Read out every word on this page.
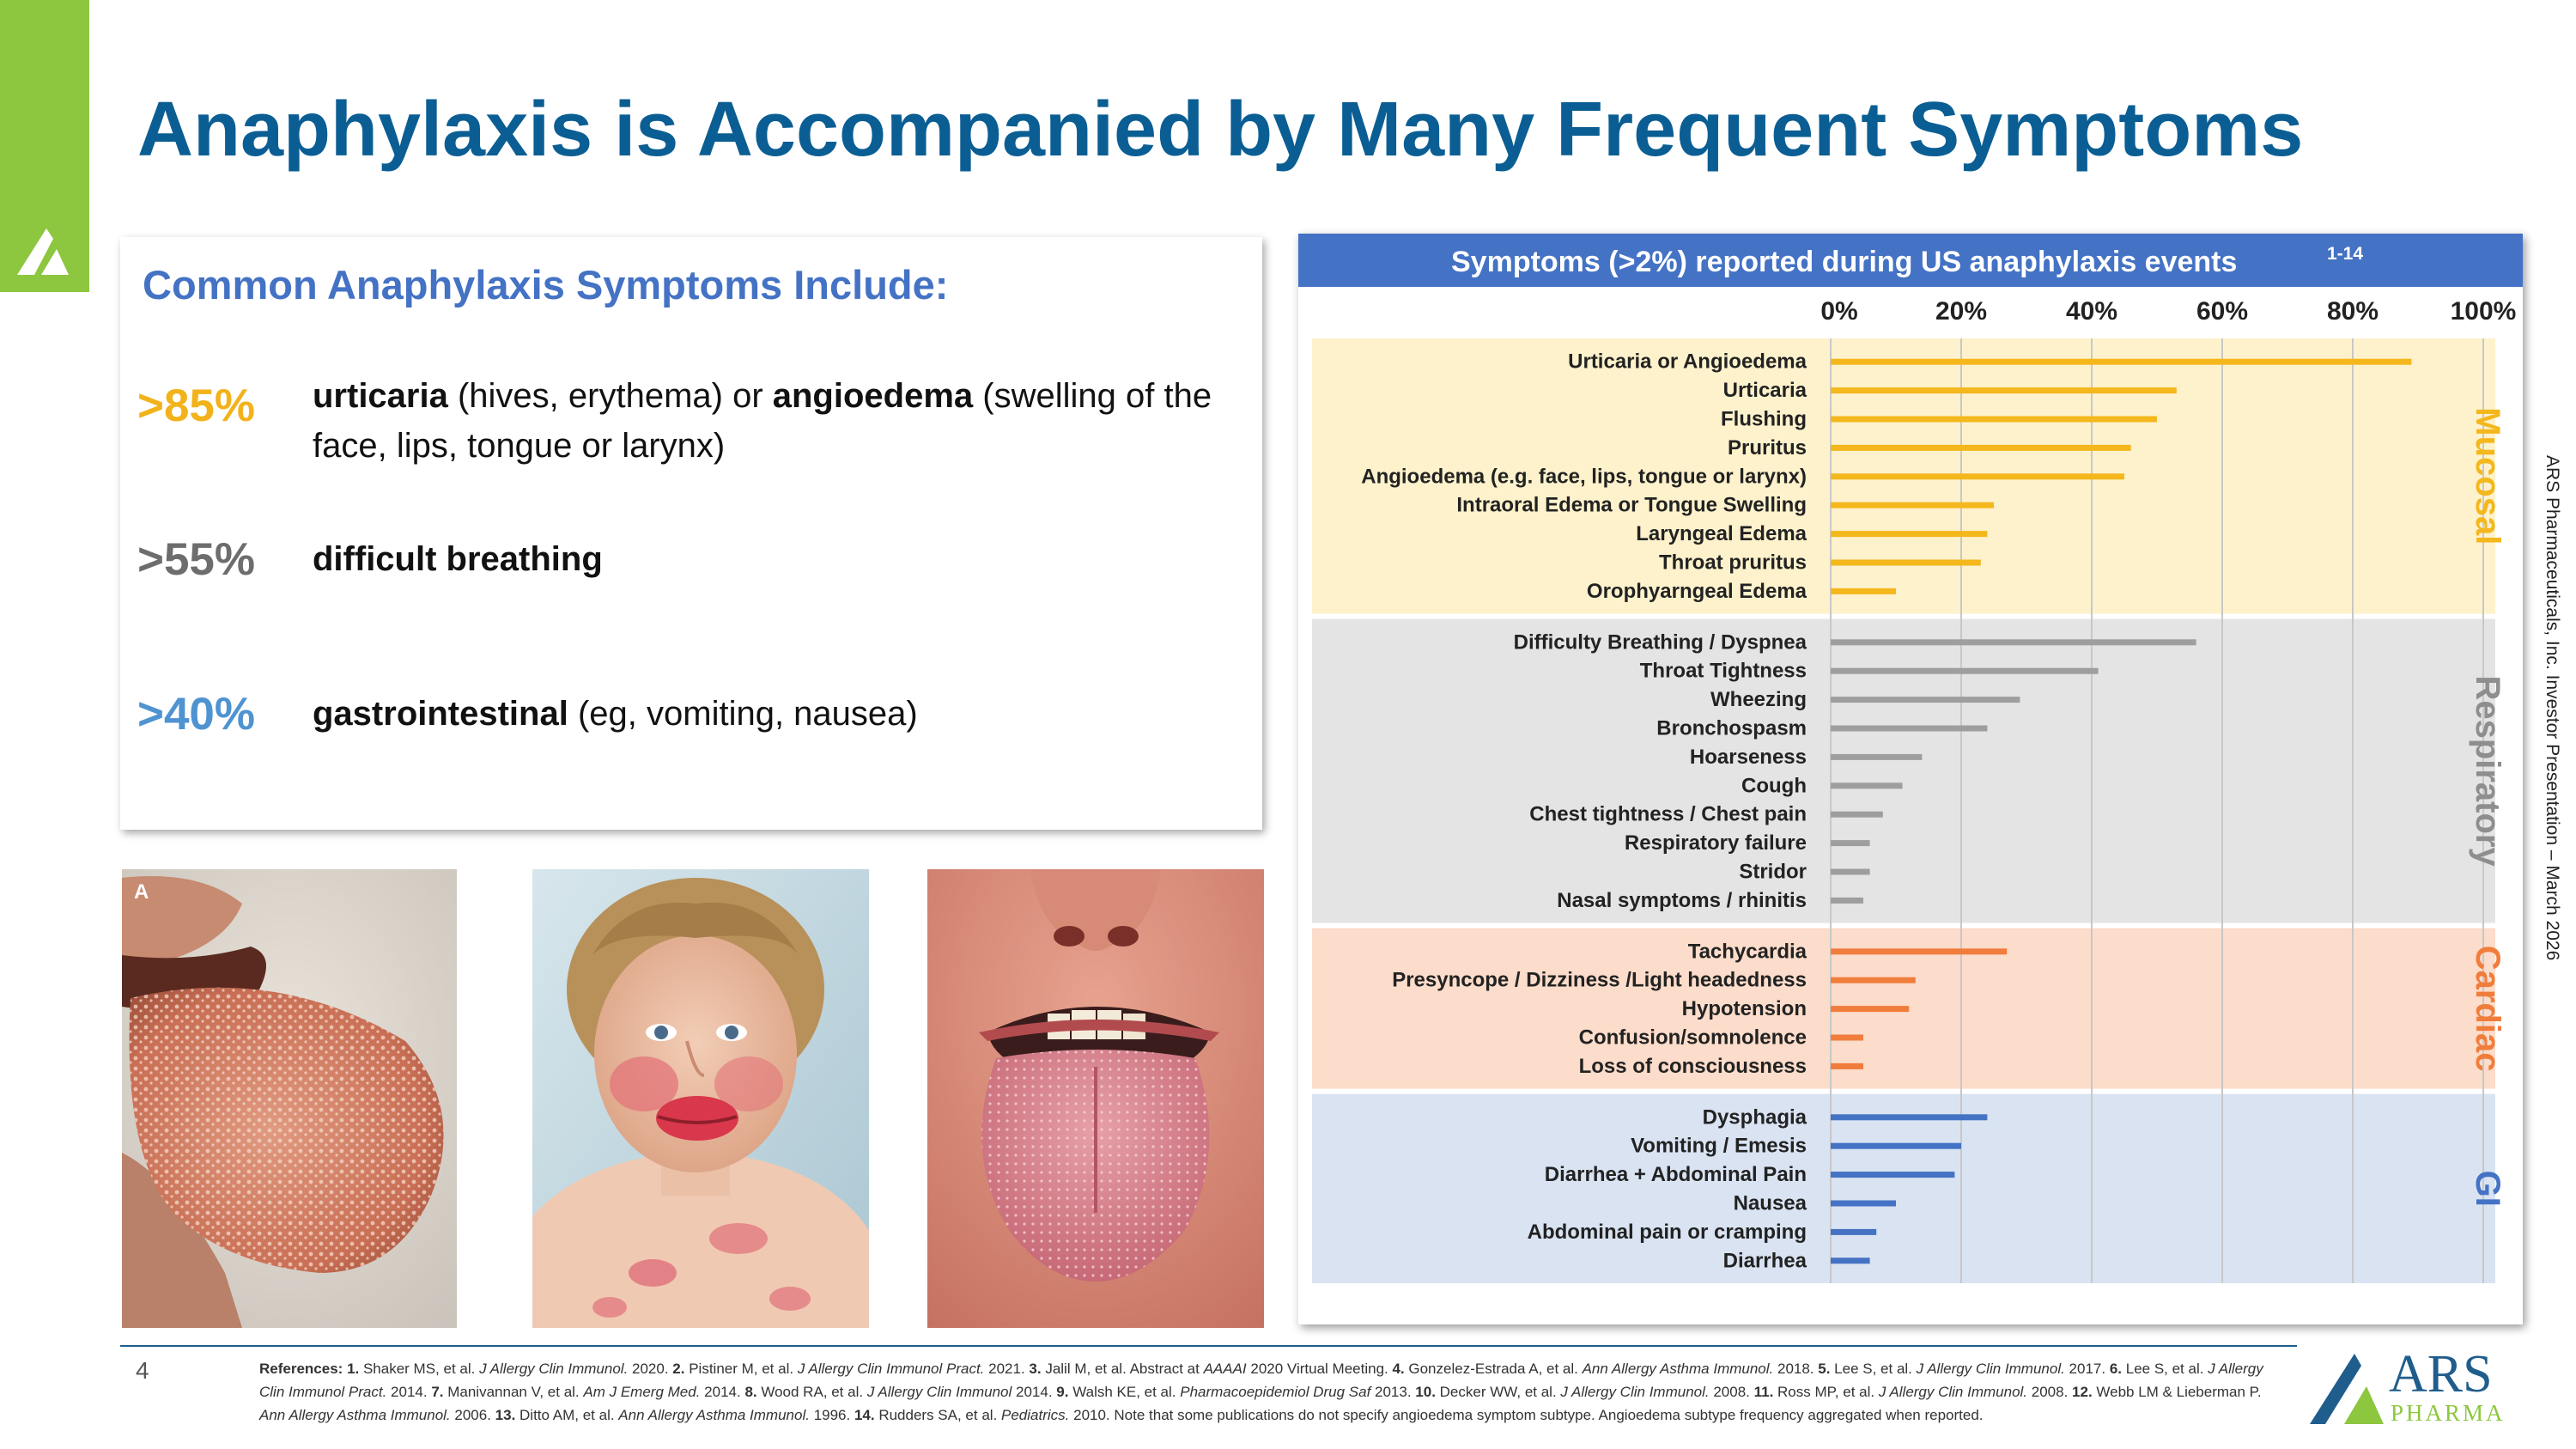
Anaphylaxis is Accompanied by Many Frequent Symptoms
ARS Pharmaceuticals, Inc. Investor Presentation – March 2026
Common Anaphylaxis Symptoms Include:
>85% urticaria (hives, erythema) or angioedema (swelling of the face, lips, tongue or larynx)
>55% difficult breathing
>40% gastrointestinal (eg, vomiting, nausea)
A
Symptoms (>2%) reported during US anaphylaxis events	1-14
0%	20%	40%	60%	80%	100%
Urticaria or Angioedema
Urticaria
Flushing
Pruritus
Angioedema (e.g. face, lips, tongue or larynx)
Intraoral Edema or Tongue Swelling
Laryngeal Edema
Throat pruritus
Orophyarngeal Edema
Mucosal
Difficulty Breathing / Dyspnea
Throat Tightness
Wheezing
Bronchospasm
Hoarseness
Cough
Chest tightness / Chest pain
Respiratory failure
Stridor
Nasal symptoms / rhinitis
Respiratory
Tachycardia
Presyncope / Dizziness /Light headedness
Hypotension
Confusion/somnolence
Loss of consciousness	Cardiac
Dysphagia
Vomiting / Emesis
Diarrhea + Abdominal Pain
Nausea
Abdominal pain or cramping
Diarrhea
GI
4	References: 1. Shaker MS, et al. J Allergy Clin Immunol. 2020. 2. Pistiner M, et al. J Allergy Clin Immunol Pract. 2021. 3. Jalil M, et al. Abstract at AAAAI 2020 Virtual Meeting. 4. Gonzelez-Estrada A, et al. Ann Allergy Asthma Immunol. 2018. 5. Lee S, et al. J Allergy Clin Immunol. 2017. 6. Lee S, et al. J Allergy Clin Immunol Pract. 2014. 7. Manivannan V, et al. Am J Emerg Med. 2014. 8. Wood RA, et al. J Allergy Clin Immunol 2014. 9. Walsh KE, et al. Pharmacoepidemiol Drug Saf 2013. 10. Decker WW, et al. J Allergy Clin Immunol. 2008. 11. Ross MP, et al. J Allergy Clin Immunol. 2008. 12. Webb LM & Lieberman P. Ann Allergy Asthma Immunol. 2006. 13. Ditto AM, et al. Ann Allergy Asthma Immunol. 1996. 14. Rudders SA, et al. Pediatrics. 2010. Note that some publications do not specify angioedema symptom subtype. Angioedema subtype frequency aggregated when reported.
ARS
PHARMA
